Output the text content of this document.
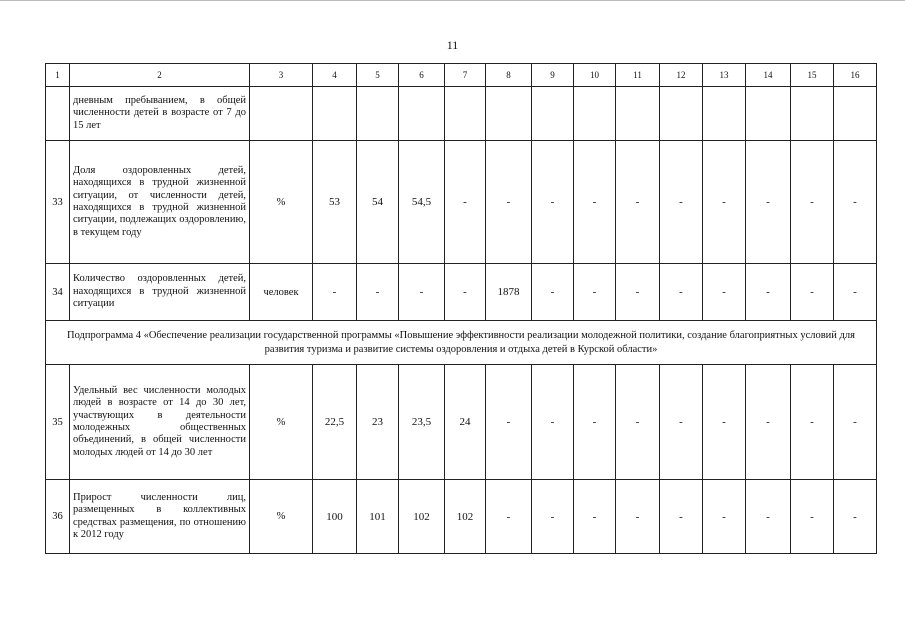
11
1	2	3	4	5	6	7	8	9	10	11	12	13	14	15	16
	дневным пребыванием, в общей численности детей в возрасте от 7 до 15 лет														
33	Доля оздоровленных детей, находящихся в трудной жизненной ситуации, от численности детей, находящихся в трудной жизненной ситуации, подлежащих оздоровлению, в текущем году	%	53	54	54,5	-	-	-	-	-	-	-	-	-	-
34	Количество оздоровленных детей, находящихся в трудной жизненной ситуации	человек	-	-	-	-	1878	-	-	-	-	-	-	-	-
Подпрограмма 4 «Обеспечение реализации государственной программы «Повышение эффективности реализации молодежной политики, создание благоприятных условий для развития туризма и развитие системы оздоровления и отдыха детей в Курской области»															
35	Удельный вес численности молодых людей в возрасте от 14 до 30 лет, участвующих в деятельности молодежных общественных объединений, в общей численности молодых людей от 14 до 30 лет	%	22,5	23	23,5	24	-	-	-	-	-	-	-	-	-
36	Прирост численности лиц, размещенных в коллективных средствах размещения, по отношению к 2012 году	%	100	101	102	102	-	-	-	-	-	-	-	-	-
